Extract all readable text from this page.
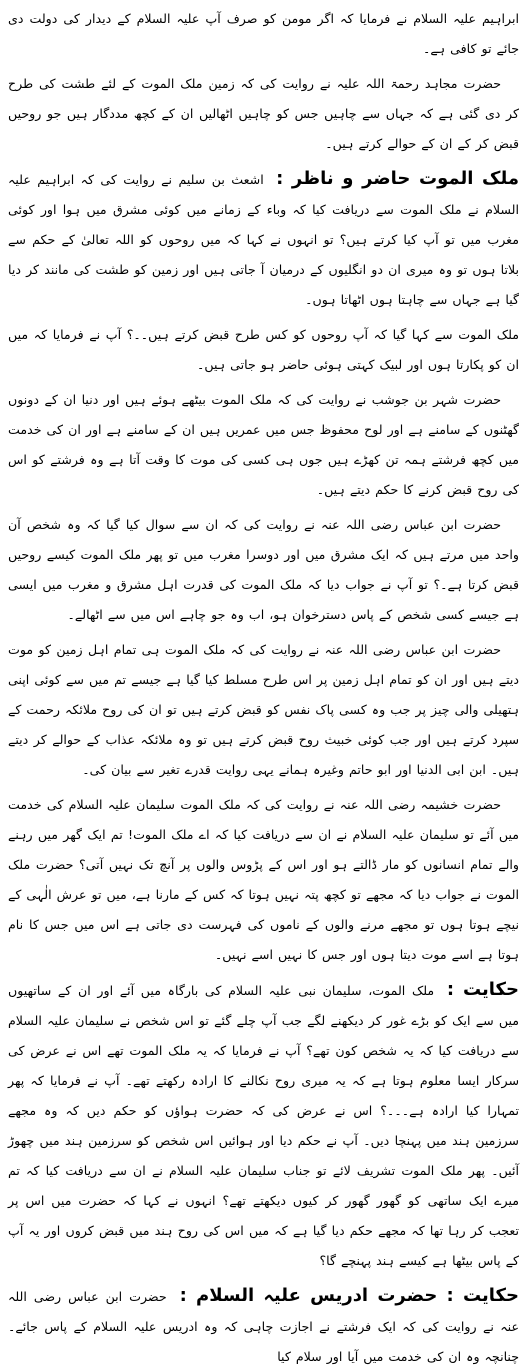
ابراہیم علیہ السلام نے فرمایا کہ اگر مومن کو صرف آپ علیہ السلام کے دیدار کی دولت دی جائے تو کافی ہے۔

حضرت مجاہد رحمۃ اللہ علیہ نے روایت کی کہ زمین ملک الموت کے لئے طشت کی طرح کر دی گئی ہے کہ جہاں سے چاہیں جس کو چاہیں اٹھالیں ان کے کچھ مددگار ہیں جو روحیں قبض کر کے ان کے حوالے کرتے ہیں۔

ملک الموت حاضر و ناظر : اشعث بن سلیم نے روایت کی کہ ابراہیم علیہ السلام نے ملک الموت سے دریافت کیا کہ وباء کے زمانے میں کوئی مشرق میں ہوا اور کوئی مغرب میں تو آپ کیا کرتے ہیں؟ تو انہوں نے کہا کہ میں روحوں کو اللہ تعالیٰ کے حکم سے بلاتا ہوں تو وہ میری ان دو انگلیوں کے درمیان آ جاتی ہیں اور زمین کو طشت کی مانند کر دیا گیا ہے جہاں سے چاہتا ہوں اٹھاتا ہوں۔

ملک الموت سے کہا گیا کہ آپ روحوں کو کس طرح قبض کرتے ہیں۔۔؟ آپ نے فرمایا کہ میں ان کو پکارتا ہوں اور لبیک کہتی ہوئی حاضر ہو جاتی ہیں۔

حضرت شہر بن جوشب نے روایت کی کہ ملک الموت بیٹھے ہوئے ہیں اور دنیا ان کے دونوں گھٹنوں کے سامنے ہے اور لوح محفوظ جس میں عمریں ہیں ان کے سامنے ہے اور ان کی خدمت میں کچھ فرشتے ہمہ تن کھڑے ہیں جوں ہی کسی کی موت کا وقت آتا ہے وہ فرشتے کو اس کی روح قبض کرنے کا حکم دیتے ہیں۔

حضرت ابن عباس رضی اللہ عنہ نے روایت کی کہ ان سے سوال کیا گیا کہ وہ شخص آن واحد میں مرتے ہیں کہ ایک مشرق میں اور دوسرا مغرب میں تو پھر ملک الموت کیسے روحیں قبض کرتا ہے۔؟ تو آپ نے جواب دیا کہ ملک الموت کی قدرت اہل مشرق و مغرب میں ایسی ہے جیسے کسی شخص کے پاس دسترخوان ہو، اب وہ جو چاہے اس میں سے اٹھالے۔

حضرت ابن عباس رضی اللہ عنہ نے روایت کی کہ ملک الموت ہی تمام اہل زمین کو موت دیتے ہیں اور ان کو تمام اہل زمین پر اس طرح مسلط کیا گیا ہے جیسے تم میں سے کوئی اپنی ہتھیلی والی چیز پر جب وہ کسی پاک نفس کو قبض کرتے ہیں تو ان کی روح ملائکہ رحمت کے سپرد کرتے ہیں اور جب کوئی خبیث روح قبض کرتے ہیں تو وہ ملائکہ عذاب کے حوالے کر دیتے ہیں۔ ابن ابی الدنیا اور ابو حاتم وغیرہ ہمانے یہی روایت قدرے تغیر سے بیان کی۔

حضرت خشیمہ رضی اللہ عنہ نے روایت کی کہ ملک الموت سلیمان علیہ السلام کی خدمت میں آئے تو سلیمان علیہ السلام نے ان سے دریافت کیا کہ اے ملک الموت! تم ایک گھر میں رہنے والے تمام انسانوں کو مار ڈالتے ہو اور اس کے پڑوس والوں پر آنچ تک نہیں آتی؟ حضرت ملک الموت نے جواب دیا کہ مجھے تو کچھ پتہ نہیں ہوتا کہ کس کے مارنا ہے، میں تو عرش الٰہی کے نیچے ہوتا ہوں تو مجھے مرنے والوں کے ناموں کی فہرست دی جاتی ہے اس میں جس کا نام ہوتا ہے اسے موت دیتا ہوں اور جس کا نہیں اسے نہیں۔

حکایت : ملک الموت، سلیمان نبی علیہ السلام کی بارگاہ میں آئے اور ان کے ساتھیوں میں سے ایک کو بڑے غور کر دیکھنے لگے جب آپ چلے گئے تو اس شخص نے سلیمان علیہ السلام سے دریافت کیا کہ یہ شخص کون تھے؟ آپ نے فرمایا کہ یہ ملک الموت تھے اس نے عرض کی سرکار ایسا معلوم ہوتا ہے کہ یہ میری روح نکالنے کا ارادہ رکھتے تھے۔ آپ نے فرمایا کہ پھر تمہارا کیا ارادہ ہے۔۔۔؟ اس نے عرض کی کہ حضرت ہواؤں کو حکم دیں کہ وہ مجھے سرزمین ہند میں پہنچا دیں۔ آپ نے حکم دیا اور ہوائیں اس شخص کو سرزمین ہند میں چھوڑ آئیں۔ پھر ملک الموت تشریف لائے تو جناب سلیمان علیہ السلام نے ان سے دریافت کیا کہ تم میرے ایک ساتھی کو گھور گھور کر کیوں دیکھتے تھے؟ انہوں نے کہا کہ حضرت میں اس پر تعجب کر رہا تھا کہ مجھے حکم دیا گیا ہے کہ میں اس کی روح ہند میں قبض کروں اور یہ آپ کے پاس بیٹھا ہے کیسے ہند پہنچے گا؟

حکایت : حضرت ادریس علیہ السلام : حضرت ابن عباس رضی اللہ عنہ نے روایت کی کہ ایک فرشتے نے اجازت چاہی کہ وہ ادریس علیہ السلام کے پاس جائے۔ چنانچہ وہ ان کی خدمت میں آیا اور سلام کیا
